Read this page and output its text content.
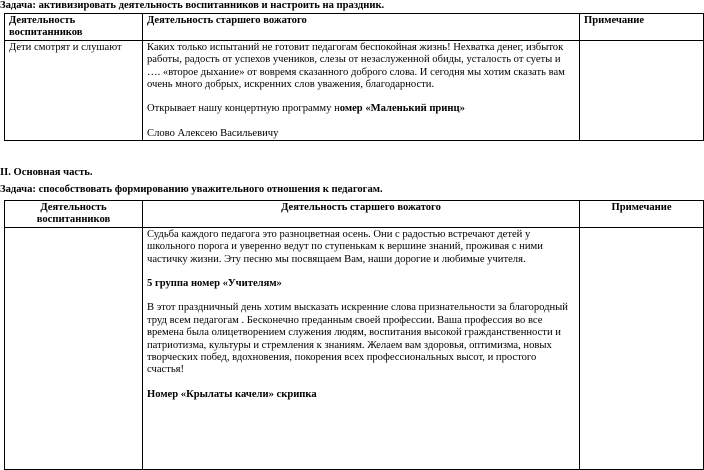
Задача: активизировать деятельность воспитанников и настроить на праздник.
Деятельность воспитанников	Деятельность старшего вожатого	Примечание
Дети смотрят и слушают	Каких только испытаний не готовит педагогам беспокойная жизнь! Нехватка денег, избыток работы, радость от успехов учеников, слезы от незаслуженной обиды, усталость от суеты и …. «второе дыхание» от вовремя сказанного доброго слова. И сегодня мы хотим сказать вам очень много добрых, искренних слов уважения, благодарности.

Открывает нашу концертную программу номер «Маленький принц»

Слово Алексею Васильевичу	

II. Основная часть.
Задача: способствовать формированию уважительного отношения к педагогам.
Деятельность воспитанников	Деятельность старшего вожатого	Примечание

	Судьба каждого педагога это разноцветная осень. Они с радостью встречают детей у школьного порога и уверенно ведут по ступенькам к вершине знаний, проживая с ними частичку жизни. Эту песню мы посвящаем Вам, наши дорогие и любимые учителя.

5 группа номер «Учителям»

В этот праздничный день хотим высказать искренние слова признательности за благородный труд всем педагогам . Бесконечно преданным своей профессии. Ваша профессия во все времена была олицетворением служения людям, воспитания высокой гражданственности и патриотизма, культуры и стремления к знаниям. Желаем вам здоровья, оптимизма, новых творческих побед, вдохновения, покорения всех профессиональных высот, и простого счастья!

Номер «Крылаты качели» скрипка	
